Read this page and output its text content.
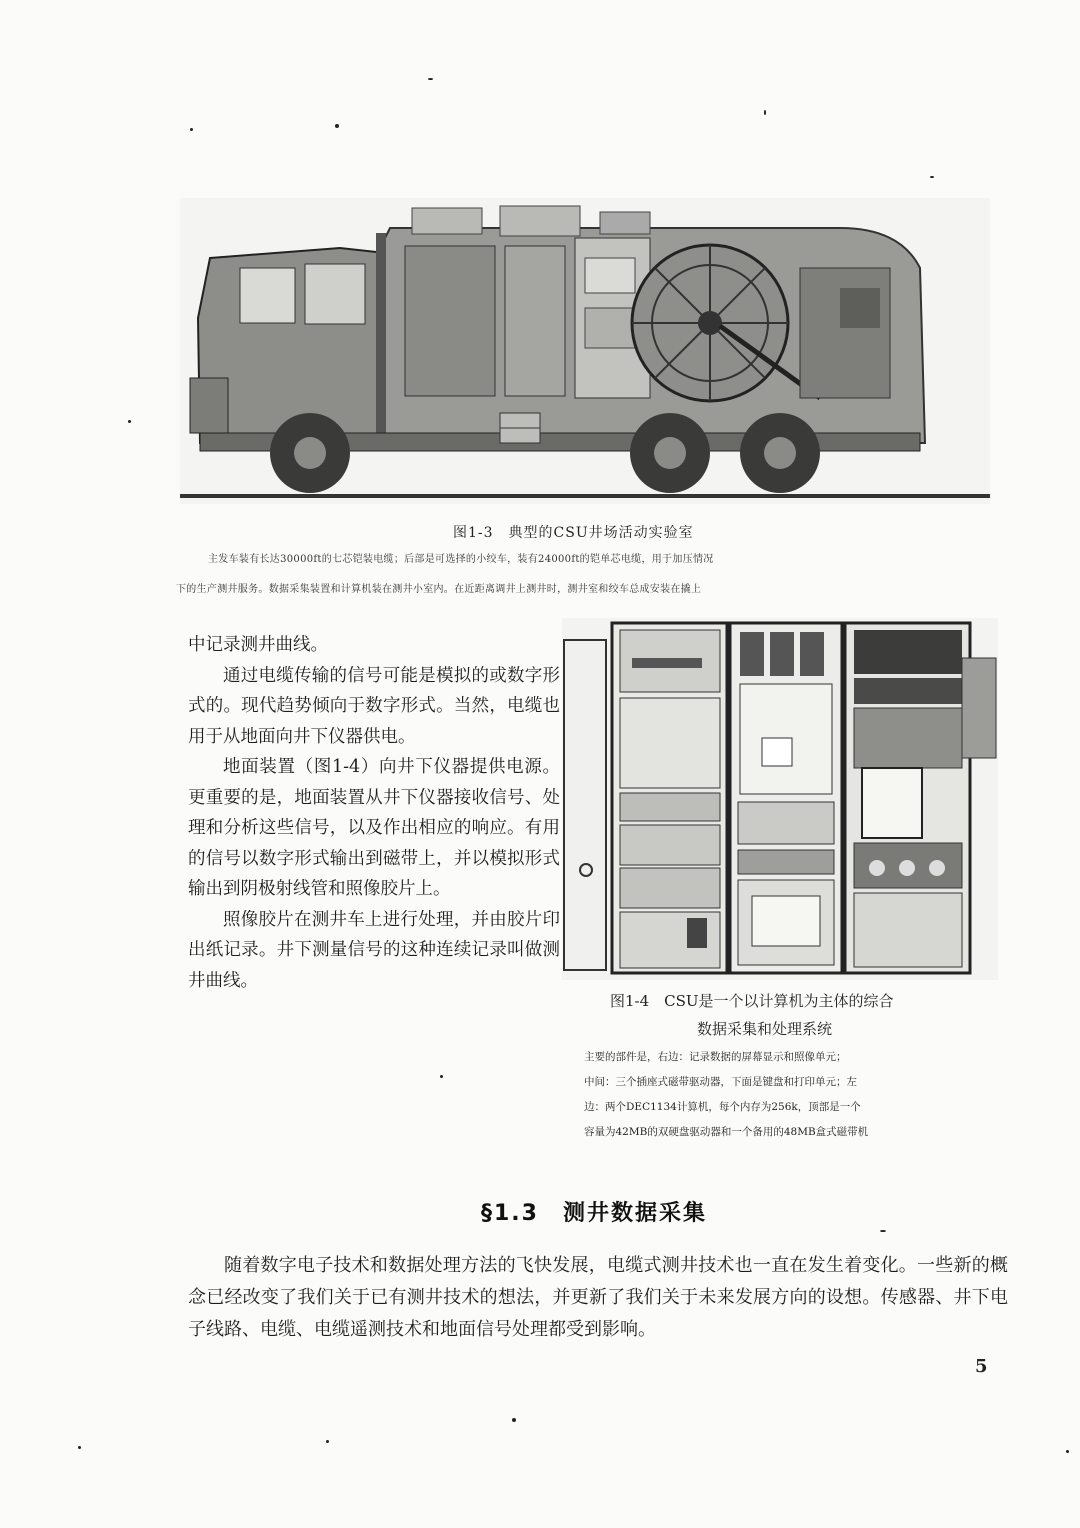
图1-3　典型的CSU井场活动实验室
主发车装有长达30000ft的七芯铠装电缆；后部是可选择的小绞车，装有24000ft的铠单芯电缆，用于加压情况
下的生产测井服务。数据采集装置和计算机装在测井小室内。在近距离调井上测井时，测井室和绞车总成安装在撬上

中记录测井曲线。

通过电缆传输的信号可能是模拟的或数字形式的。现代趋势倾向于数字形式。当然，电缆也用于从地面向井下仪器供电。

地面装置（图1-4）向井下仪器提供电源。更重要的是，地面装置从井下仪器接收信号、处理和分析这些信号，以及作出相应的响应。有用的信号以数字形式输出到磁带上，并以模拟形式输出到阴极射线管和照像胶片上。

照像胶片在测井车上进行处理，并由胶片印出纸记录。井下测量信号的这种连续记录叫做测井曲线。

图1-4　CSU是一个以计算机为主体的综合
数据采集和处理系统
主要的部件是，右边：记录数据的屏幕显示和照像单元；
中间：三个插座式磁带驱动器，下面是键盘和打印单元；左
边：两个DEC1134计算机，每个内存为256k，顶部是一个
容量为42MB的双硬盘驱动器和一个备用的48MB盒式磁带机
§1.3　测井数据采集

随着数字电子技术和数据处理方法的飞快发展，电缆式测井技术也一直在发生着变化。一些新的概念已经改变了我们关于已有测井技术的想法，并更新了我们关于未来发展方向的设想。传感器、井下电子线路、电缆、电缆遥测技术和地面信号处理都受到影响。

5
